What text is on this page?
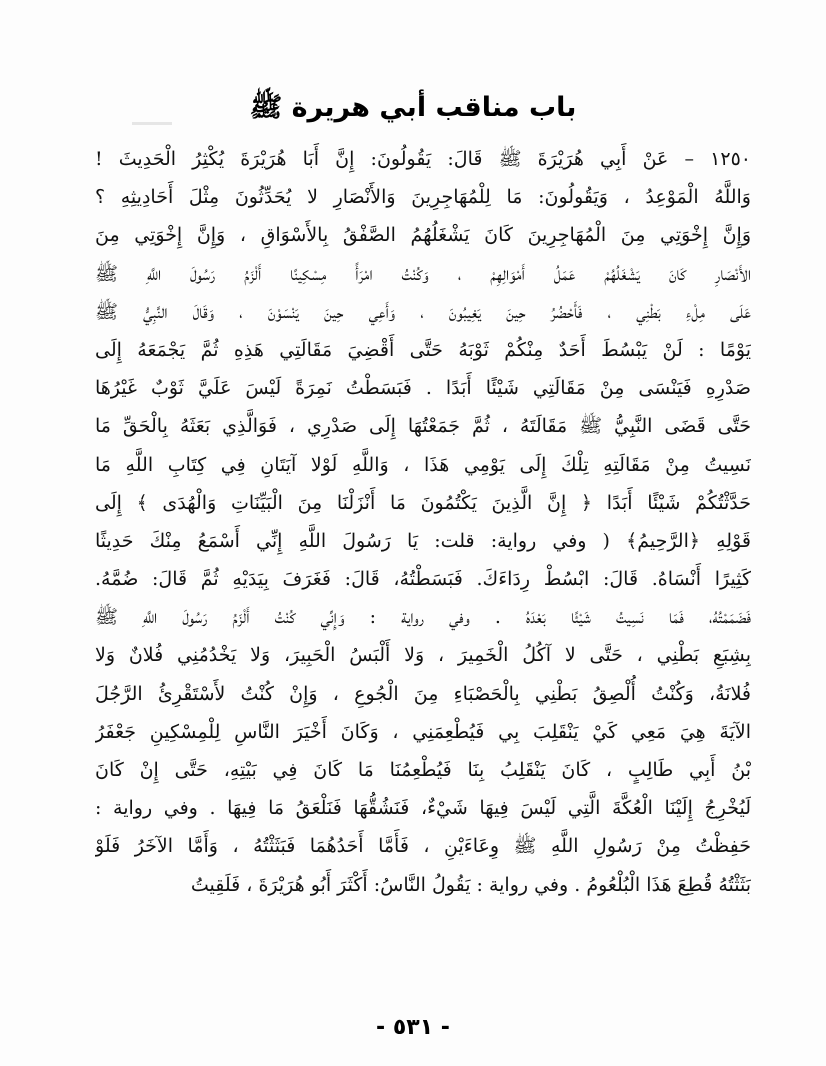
باب مناقب أبي هريرة ﷺ
١٢٥٠ – عَنْ أَبِي هُرَيْرَةَ ﷺ قَالَ: يَقُولُونَ: إِنَّ أَبَا هُرَيْرَةَ يُكْثِرُ الْحَدِيثَ !
وَاللَّهُ الْمَوْعِدُ ، وَيَقُولُونَ: مَا لِلْمُهَاجِرِينَ وَالأَنْصَارِ لا يُحَدِّثُونَ مِثْلَ أَحَادِيثِهِ ؟
وَإِنَّ إِخْوَتِي مِنَ الْمُهَاجِرِينَ كَانَ يَشْغَلُهُمُ الصَّفْقُ بِالأَسْوَاقِ ، وَإِنَّ إِخْوَتِي مِنَ
الأَنْصَارِ كَانَ يَشْغَلُهُمْ عَمَلُ أَمْوَالِهِمْ ، وَكُنْتُ امْرَأً مِسْكِينًا أَلْزَمُ رَسُولَ اللَّهِ ﷺ
عَلَى مِلْءِ بَطْنِي ، فَأَحْضُرُ حِينَ يَغِيبُونَ ، وَأَعِي حِينَ يَنْسَوْنَ ، وَقَالَ النَّبِيُّ ﷺ
يَوْمًا : لَنْ يَبْسُطَ أَحَدٌ مِنْكُمْ ثَوْبَهُ حَتَّى أَقْضِيَ مَقَالَتِي هَذِهِ ثُمَّ يَجْمَعَهُ إِلَى
صَدْرِهِ فَيَنْسَى مِنْ مَقَالَتِي شَيْئًا أَبَدًا . فَبَسَطْتُ نَمِرَةً لَيْسَ عَلَيَّ ثَوْبٌ غَيْرُهَا
حَتَّى قَضَى النَّبِيُّ ﷺ مَقَالَتَهُ ، ثُمَّ جَمَعْتُهَا إِلَى صَدْرِي ، فَوَالَّذِي بَعَثَهُ بِالْحَقِّ مَا
نَسِيتُ مِنْ مَقَالَتِهِ تِلْكَ إِلَى يَوْمِي هَذَا ، وَاللَّهِ لَوْلا آيَتَانِ فِي كِتَابِ اللَّهِ مَا
حَدَّثْتُكُمْ شَيْئًا أَبَدًا ﴿ إِنَّ الَّذِينَ يَكْتُمُونَ مَا أَنْزَلْنَا مِنَ الْبَيِّنَاتِ وَالْهُدَى ﴾ إِلَى
قَوْلِهِ ﴿الرَّحِيمُ﴾ ( وفي رواية: قلت: يَا رَسُولَ اللَّهِ إِنِّي أَسْمَعُ مِنْكَ حَدِيثًا
كَثِيرًا أَنْسَاهُ. قَالَ: ابْسُطْ رِدَاءَكَ. فَبَسَطْتُهُ، قَالَ: فَغَرَفَ بِيَدَيْهِ ثُمَّ قَالَ: ضُمَّهُ.
فَضَمَمْتُهُ، فَمَا نَسِيتُ شَيْئًا بَعْدَهُ . وفي رواية : وَإِنِّي كُنْتُ أَلْزَمُ رَسُولَ اللَّهِ ﷺ
بِشِبَعِ بَطْنِي ، حَتَّى لا آكُلُ الْخَمِيرَ ، وَلا أَلْبَسُ الْحَبِيرَ، وَلا يَخْدُمُنِي فُلانٌ وَلا
فُلانَةُ، وَكُنْتُ أُلْصِقُ بَطْنِي بِالْحَصْبَاءِ مِنَ الْجُوعِ ، وَإِنْ كُنْتُ لأَسْتَقْرِئُ الرَّجُلَ
الآيَةَ هِيَ مَعِي كَيْ يَنْقَلِبَ بِي فَيُطْعِمَنِي ، وَكَانَ أَخْيَرَ النَّاسِ لِلْمِسْكِينِ جَعْفَرُ
بْنُ أَبِي طَالِبٍ ، كَانَ يَنْقَلِبُ بِنَا فَيُطْعِمُنَا مَا كَانَ فِي بَيْتِهِ، حَتَّى إِنْ كَانَ
لَيُخْرِجُ إِلَيْنَا الْعُكَّةَ الَّتِي لَيْسَ فِيهَا شَيْءٌ، فَنَشُقُّهَا فَنَلْعَقُ مَا فِيهَا . وفي رواية :
حَفِظْتُ مِنْ رَسُولِ اللَّهِ ﷺ وِعَاءَيْنِ ، فَأَمَّا أَحَدُهُمَا فَبَثَثْتُهُ ، وَأَمَّا الآخَرُ فَلَوْ
بَثَثْتُهُ قُطِعَ هَذَا الْبُلْعُومُ . وفي رواية : يَقُولُ النَّاسُ: أَكْثَرَ أَبُو هُرَيْرَةَ ، فَلَقِيتُ
- ٥٣١ -
